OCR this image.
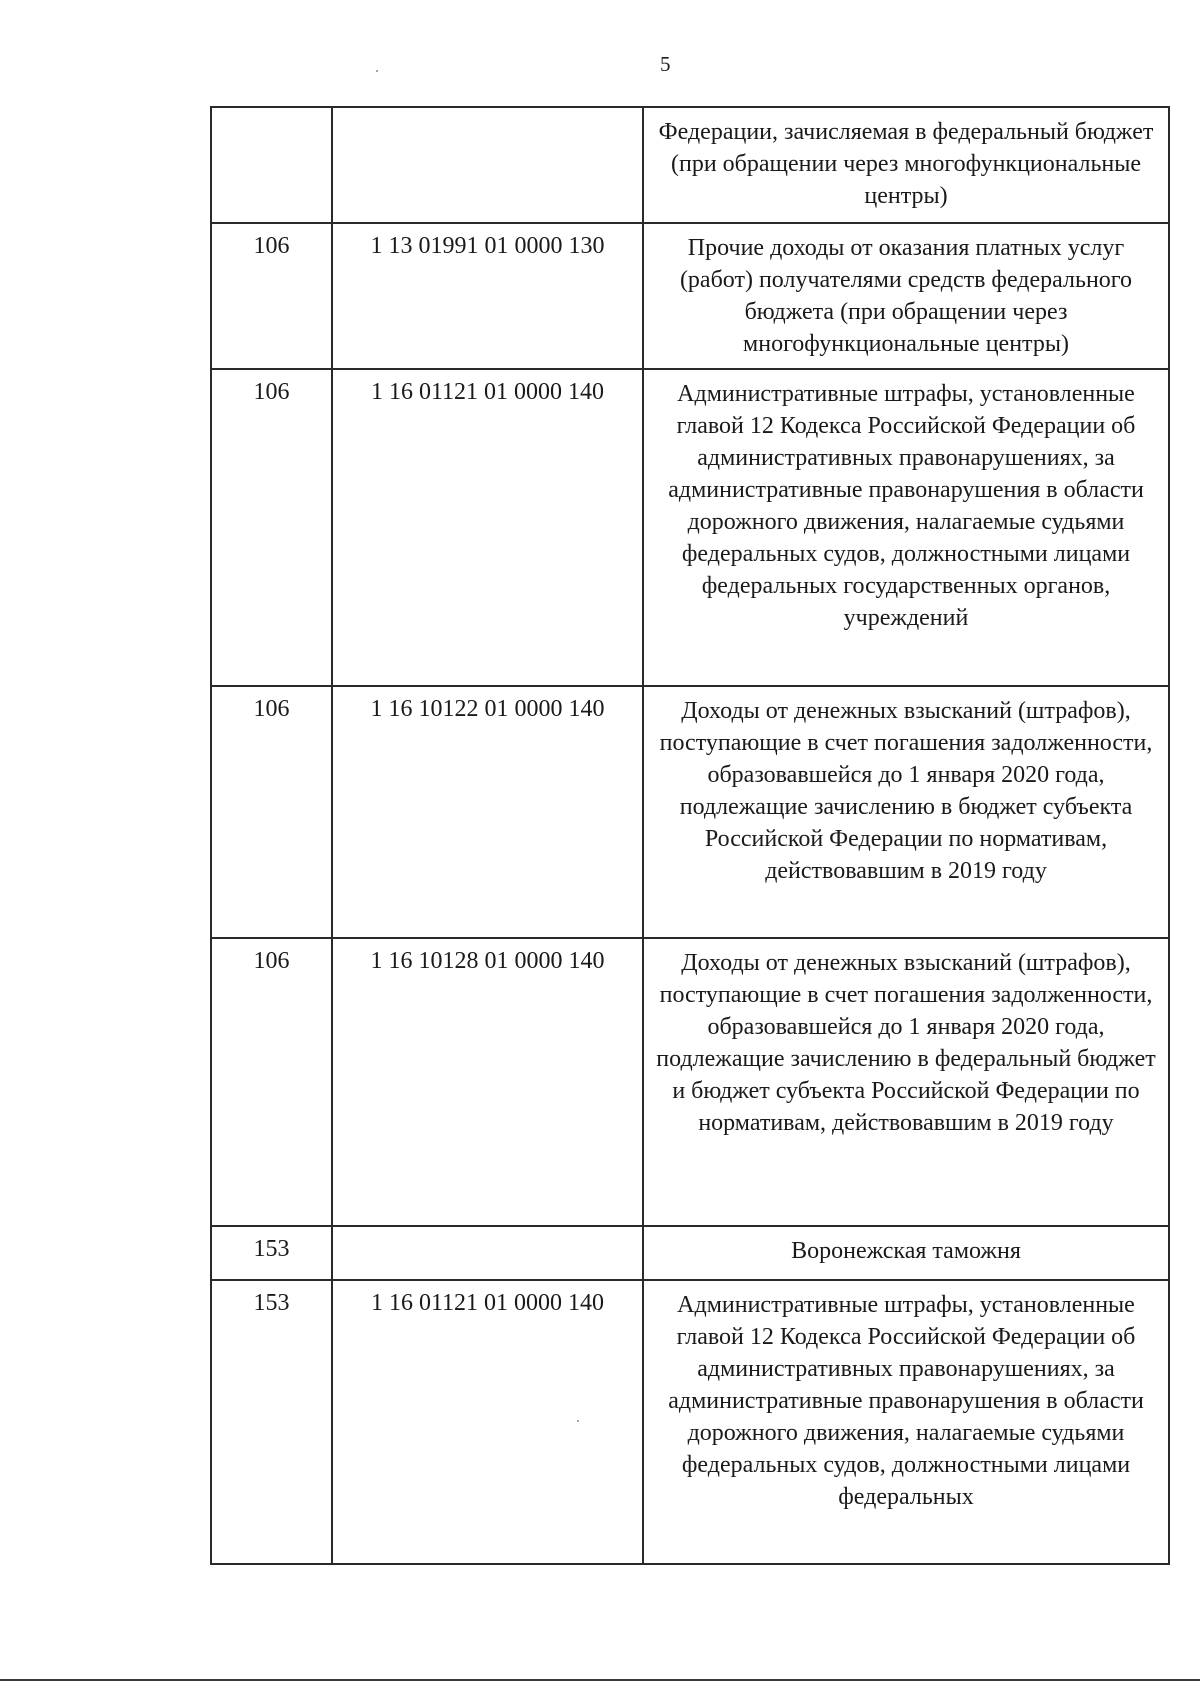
5
		Федерации, зачисляемая в федеральный бюджет (при обращении через многофункциональные центры)
106	1 13 01991 01 0000 130	Прочие доходы от оказания платных услуг (работ) получателями средств федерального бюджета (при обращении через многофункциональные центры)
106	1 16 01121 01 0000 140	Административные штрафы, установленные главой 12 Кодекса Российской Федерации об административных правонарушениях, за административные правонарушения в области дорожного движения, налагаемые судьями федеральных судов, должностными лицами федеральных государственных органов, учреждений
106	1 16 10122 01 0000 140	Доходы от денежных взысканий (штрафов), поступающие в счет погашения задолженности, образовавшейся до 1 января 2020 года, подлежащие зачислению в бюджет субъекта Российской Федерации по нормативам, действовавшим в 2019 году
106	1 16 10128 01 0000 140	Доходы от денежных взысканий (штрафов), поступающие в счет погашения задолженности, образовавшейся до 1 января 2020 года, подлежащие зачислению в федеральный бюджет и бюджет субъекта Российской Федерации по нормативам, действовавшим в 2019 году
153		Воронежская таможня
153	1 16 01121 01 0000 140	Административные штрафы, установленные главой 12 Кодекса Российской Федерации об административных правонарушениях, за административные правонарушения в области дорожного движения, налагаемые судьями федеральных судов, должностными лицами федеральных
